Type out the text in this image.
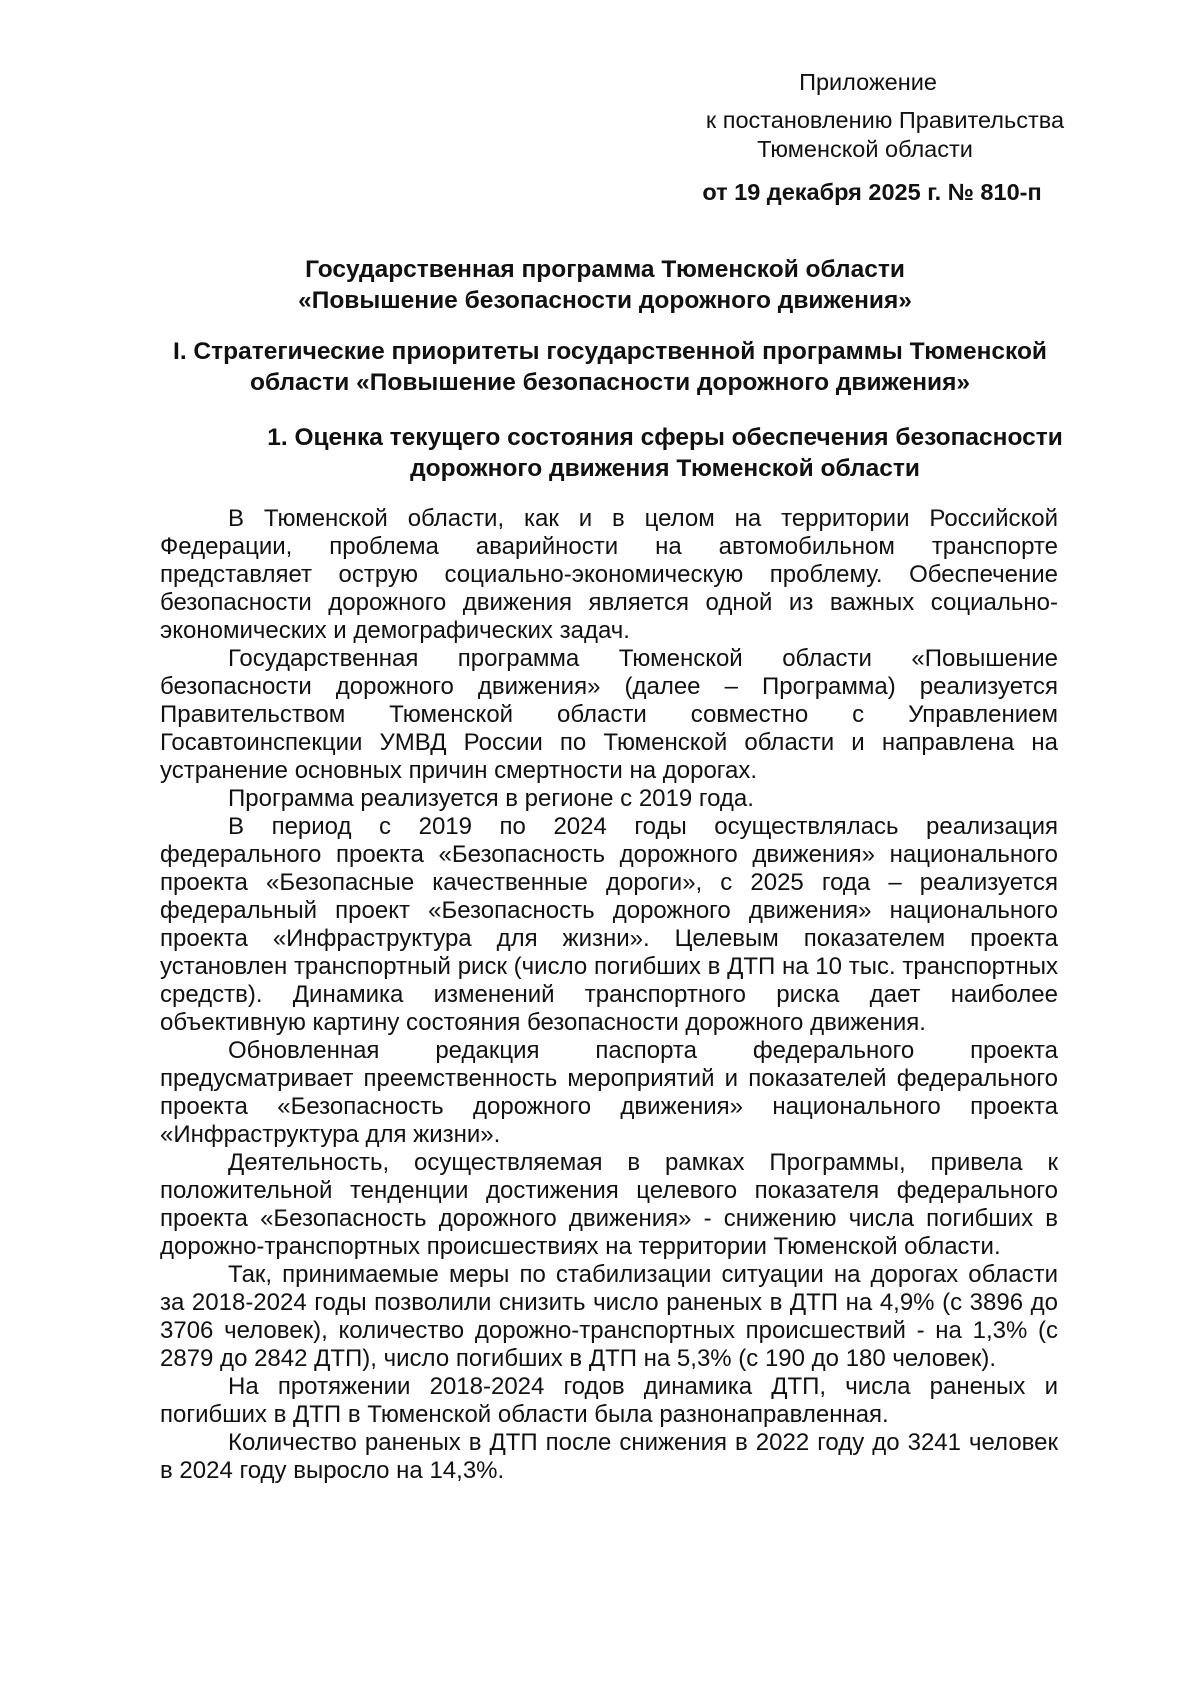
Приложение
к постановлению Правительства
Тюменской области
от 19 декабря 2025 г. № 810-п
Государственная программа Тюменской области
«Повышение безопасности дорожного движения»
I. Стратегические приоритеты государственной программы Тюменской
области «Повышение безопасности дорожного движения»
1. Оценка текущего состояния сферы обеспечения безопасности
дорожного движения Тюменской области

В Тюменской области, как и в целом на территории Российской Федерации, проблема аварийности на автомобильном транспорте представляет острую социально-экономическую проблему. Обеспечение безопасности дорожного движения является одной из важных социально-экономических и демографических задач.

Государственная программа Тюменской области «Повышение безопасности дорожного движения» (далее – Программа) реализуется Правительством Тюменской области совместно с Управлением Госавтоинспекции УМВД России по Тюменской области и направлена на устранение основных причин смертности на дорогах.

Программа реализуется в регионе с 2019 года.

В период с 2019 по 2024 годы осуществлялась реализация федерального проекта «Безопасность дорожного движения» национального проекта «Безопасные качественные дороги», с 2025 года – реализуется федеральный проект «Безопасность дорожного движения» национального проекта «Инфраструктура для жизни». Целевым показателем проекта установлен транспортный риск (число погибших в ДТП на 10 тыс. транспортных средств). Динамика изменений транспортного риска дает наиболее объективную картину состояния безопасности дорожного движения.

Обновленная редакция паспорта федерального проекта предусматривает преемственность мероприятий и показателей федерального проекта «Безопасность дорожного движения» национального проекта «Инфраструктура для жизни».

Деятельность, осуществляемая в рамках Программы, привела к положительной тенденции достижения целевого показателя федерального проекта «Безопасность дорожного движения» - снижению числа погибших в дорожно-транспортных происшествиях на территории Тюменской области.

Так, принимаемые меры по стабилизации ситуации на дорогах области за 2018-2024 годы позволили снизить число раненых в ДТП на 4,9% (с 3896 до 3706 человек), количество дорожно-транспортных происшествий - на 1,3% (с 2879 до 2842 ДТП), число погибших в ДТП на 5,3% (с 190 до 180 человек).

На протяжении 2018-2024 годов динамика ДТП, числа раненых и погибших в ДТП в Тюменской области была разнонаправленная.

Количество раненых в ДТП после снижения в 2022 году до 3241 человек в 2024 году выросло на 14,3%.
